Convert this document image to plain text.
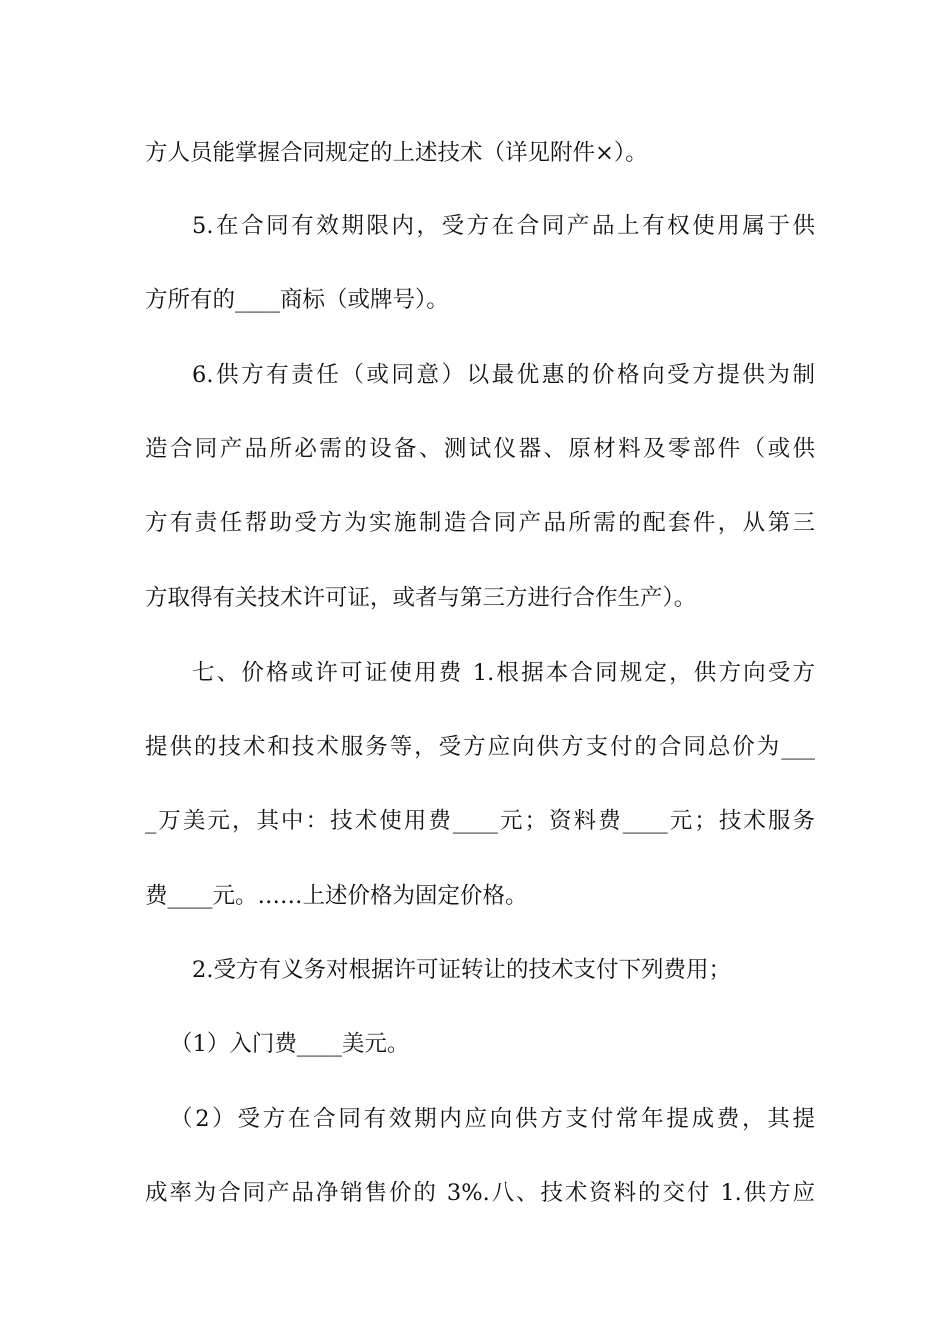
方人员能掌握合同规定的上述技术（详见附件×）。
5.在合同有效期限内，受方在合同产品上有权使用属于供
方所有的____商标（或牌号）。
6.供方有责任（或同意）以最优惠的价格向受方提供为制
造合同产品所必需的设备、测试仪器、原材料及零部件（或供
方有责任帮助受方为实施制造合同产品所需的配套件，从第三
方取得有关技术许可证，或者与第三方进行合作生产）。
七、价格或许可证使用费 1.根据本合同规定，供方向受方
提供的技术和技术服务等，受方应向供方支付的合同总价为___
_万美元，其中：技术使用费____元；资料费____元；技术服务
费____元。……上述价格为固定价格。
2.受方有义务对根据许可证转让的技术支付下列费用；
（1）入门费____美元。
（2）受方在合同有效期内应向供方支付常年提成费，其提
成率为合同产品净销售价的 3%.八、技术资料的交付 1.供方应
